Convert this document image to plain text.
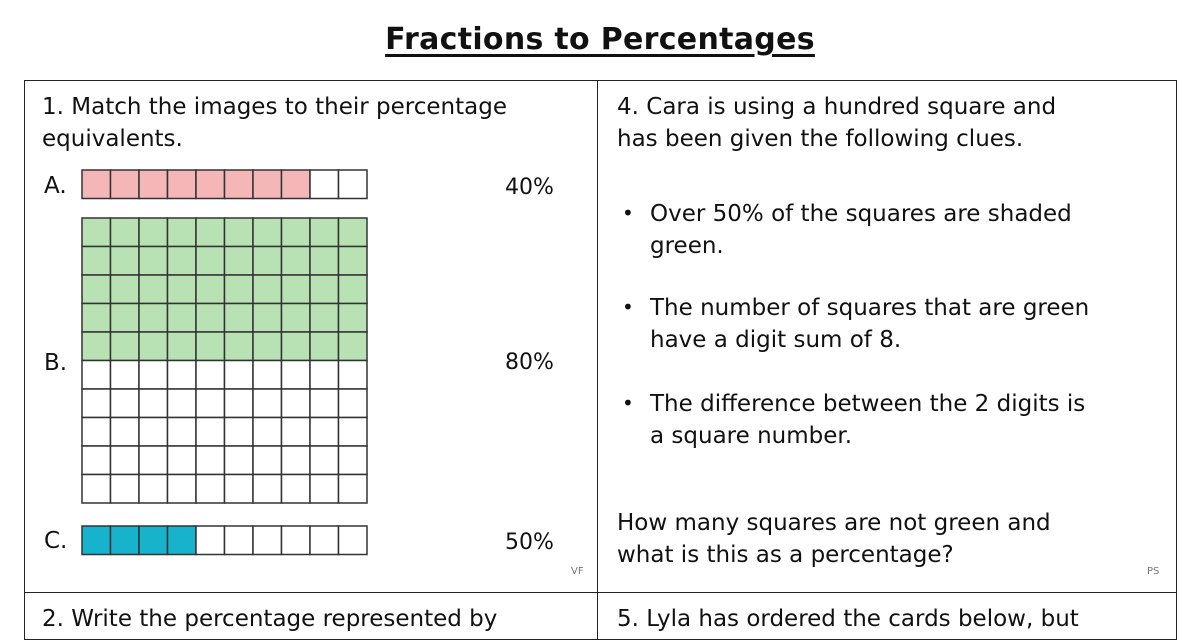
Fractions to Percentages
1. Match the images to their percentage
equivalents.
A.
B.
C.
40%
80%
50%
VF
4. Cara is using a hundred square and
has been given the following clues.
• Over 50% of the squares are shaded
green.
• The number of squares that are green
have a digit sum of 8.
• The difference between the 2 digits is
a square number.
How many squares are not green and
what is this as a percentage?
PS
2. Write the percentage represented by	5. Lyla has ordered the cards below, but
